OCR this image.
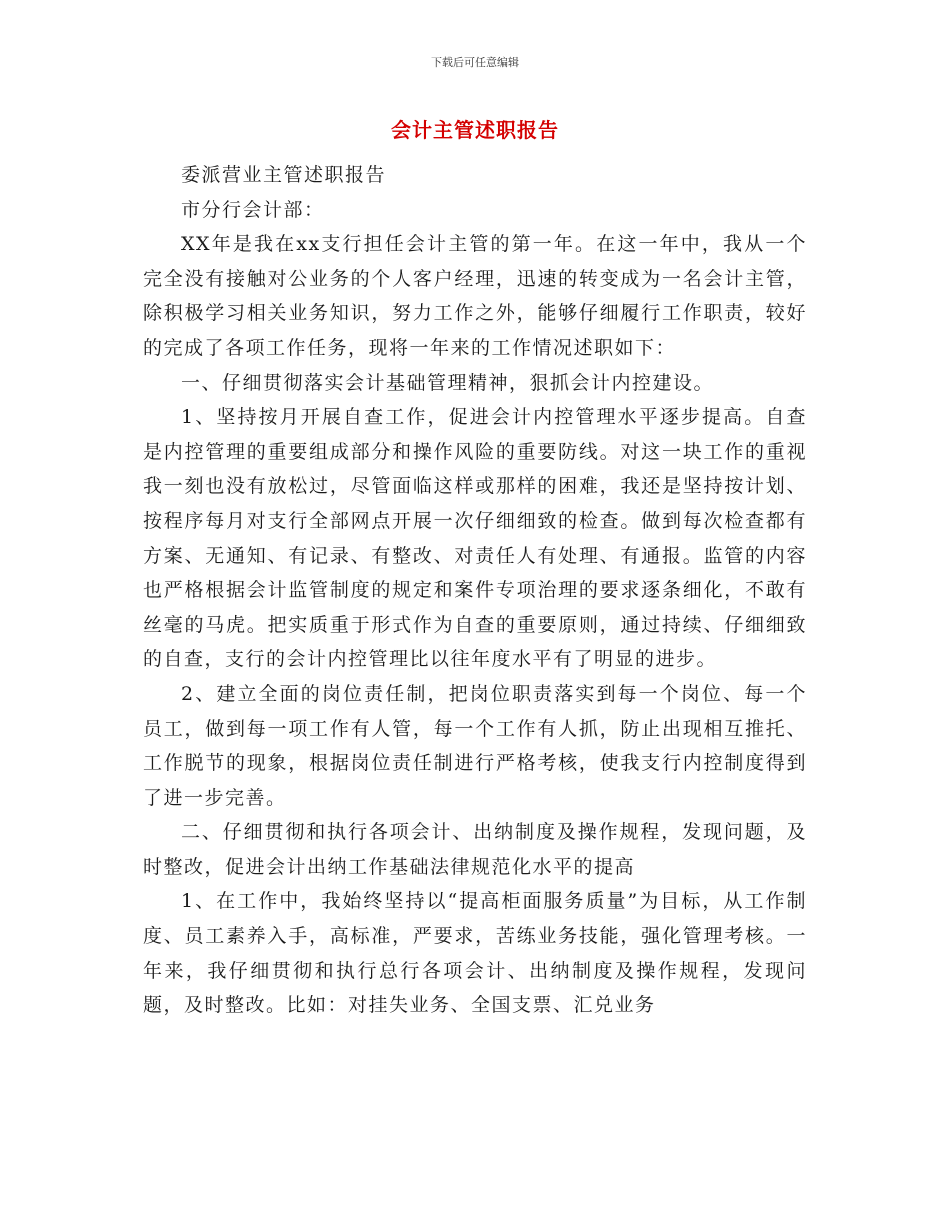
下载后可任意编辑
会计主管述职报告

委派营业主管述职报告

市分行会计部：

XX年是我在xx支行担任会计主管的第一年。在这一年中，我从一个完全没有接触对公业务的个人客户经理，迅速的转变成为一名会计主管，除积极学习相关业务知识，努力工作之外，能够仔细履行工作职责，较好的完成了各项工作任务，现将一年来的工作情况述职如下：

一、仔细贯彻落实会计基础管理精神，狠抓会计内控建设。

1、坚持按月开展自查工作，促进会计内控管理水平逐步提高。自查是内控管理的重要组成部分和操作风险的重要防线。对这一块工作的重视我一刻也没有放松过，尽管面临这样或那样的困难，我还是坚持按计划、按程序每月对支行全部网点开展一次仔细细致的检查。做到每次检查都有方案、无通知、有记录、有整改、对责任人有处理、有通报。监管的内容也严格根据会计监管制度的规定和案件专项治理的要求逐条细化，不敢有丝毫的马虎。把实质重于形式作为自查的重要原则，通过持续、仔细细致的自查，支行的会计内控管理比以往年度水平有了明显的进步。

2、建立全面的岗位责任制，把岗位职责落实到每一个岗位、每一个员工，做到每一项工作有人管，每一个工作有人抓，防止出现相互推托、工作脱节的现象，根据岗位责任制进行严格考核，使我支行内控制度得到了进一步完善。

二、仔细贯彻和执行各项会计、出纳制度及操作规程，发现问题，及时整改，促进会计出纳工作基础法律规范化水平的提高

1、在工作中，我始终坚持以“提高柜面服务质量”为目标，从工作制度、员工素养入手，高标准，严要求，苦练业务技能，强化管理考核。一年来，我仔细贯彻和执行总行各项会计、出纳制度及操作规程，发现问题，及时整改。比如：对挂失业务、全国支票、汇兑业务
